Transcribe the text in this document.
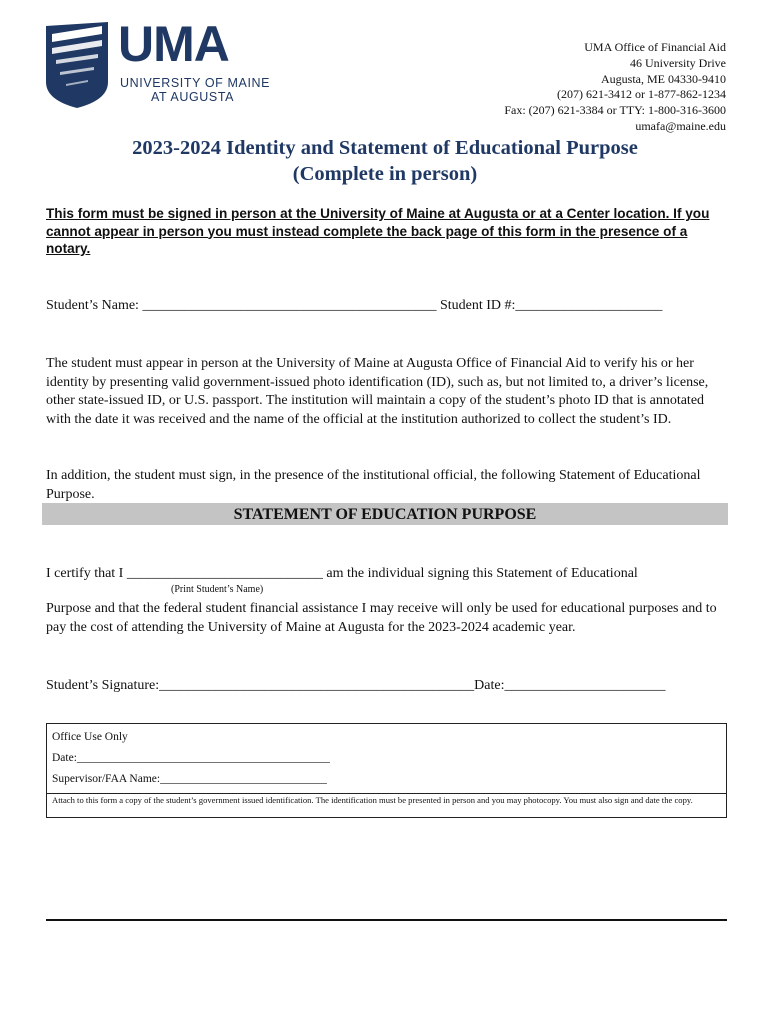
UMA
UNIVERSITY OF MAINE
AT AUGUSTA
UMA Office of Financial Aid
46 University Drive
Augusta, ME 04330-9410
(207) 621-3412 or 1-877-862-1234
Fax: (207) 621-3384 or TTY: 1-800-316-3600
umafa@maine.edu
2023-2024 Identity and Statement of Educational Purpose
(Complete in person)
This form must be signed in person at the University of Maine at Augusta or at a Center location. If you cannot appear in person you must instead complete the back page of this form in the presence of a notary.
Student’s Name: __________________________________________ Student ID #:_____________________
The student must appear in person at the University of Maine at Augusta Office of Financial Aid to verify his or her identity by presenting valid government-issued photo identification (ID), such as, but not limited to, a driver’s license, other state-issued ID, or U.S. passport. The institution will maintain a copy of the student’s photo ID that is annotated with the date it was received and the name of the official at the institution authorized to collect the student’s ID.
In addition, the student must sign, in the presence of the institutional official, the following Statement of Educational Purpose.
STATEMENT OF EDUCATION PURPOSE
I certify that I ____________________________ am the individual signing this Statement of Educational
(Print Student’s Name)
Purpose and that the federal student financial assistance I may receive will only be used for educational purposes and to pay the cost of attending the University of Maine at Augusta for the 2023-2024 academic year.
Student’s Signature:_____________________________________________Date:_______________________
Office Use Only
Date:____________________________________________
Supervisor/FAA Name:_____________________________
Attach to this form a copy of the student’s government issued identification. The identification must be presented in person and you may photocopy. You must also sign and date the copy.
